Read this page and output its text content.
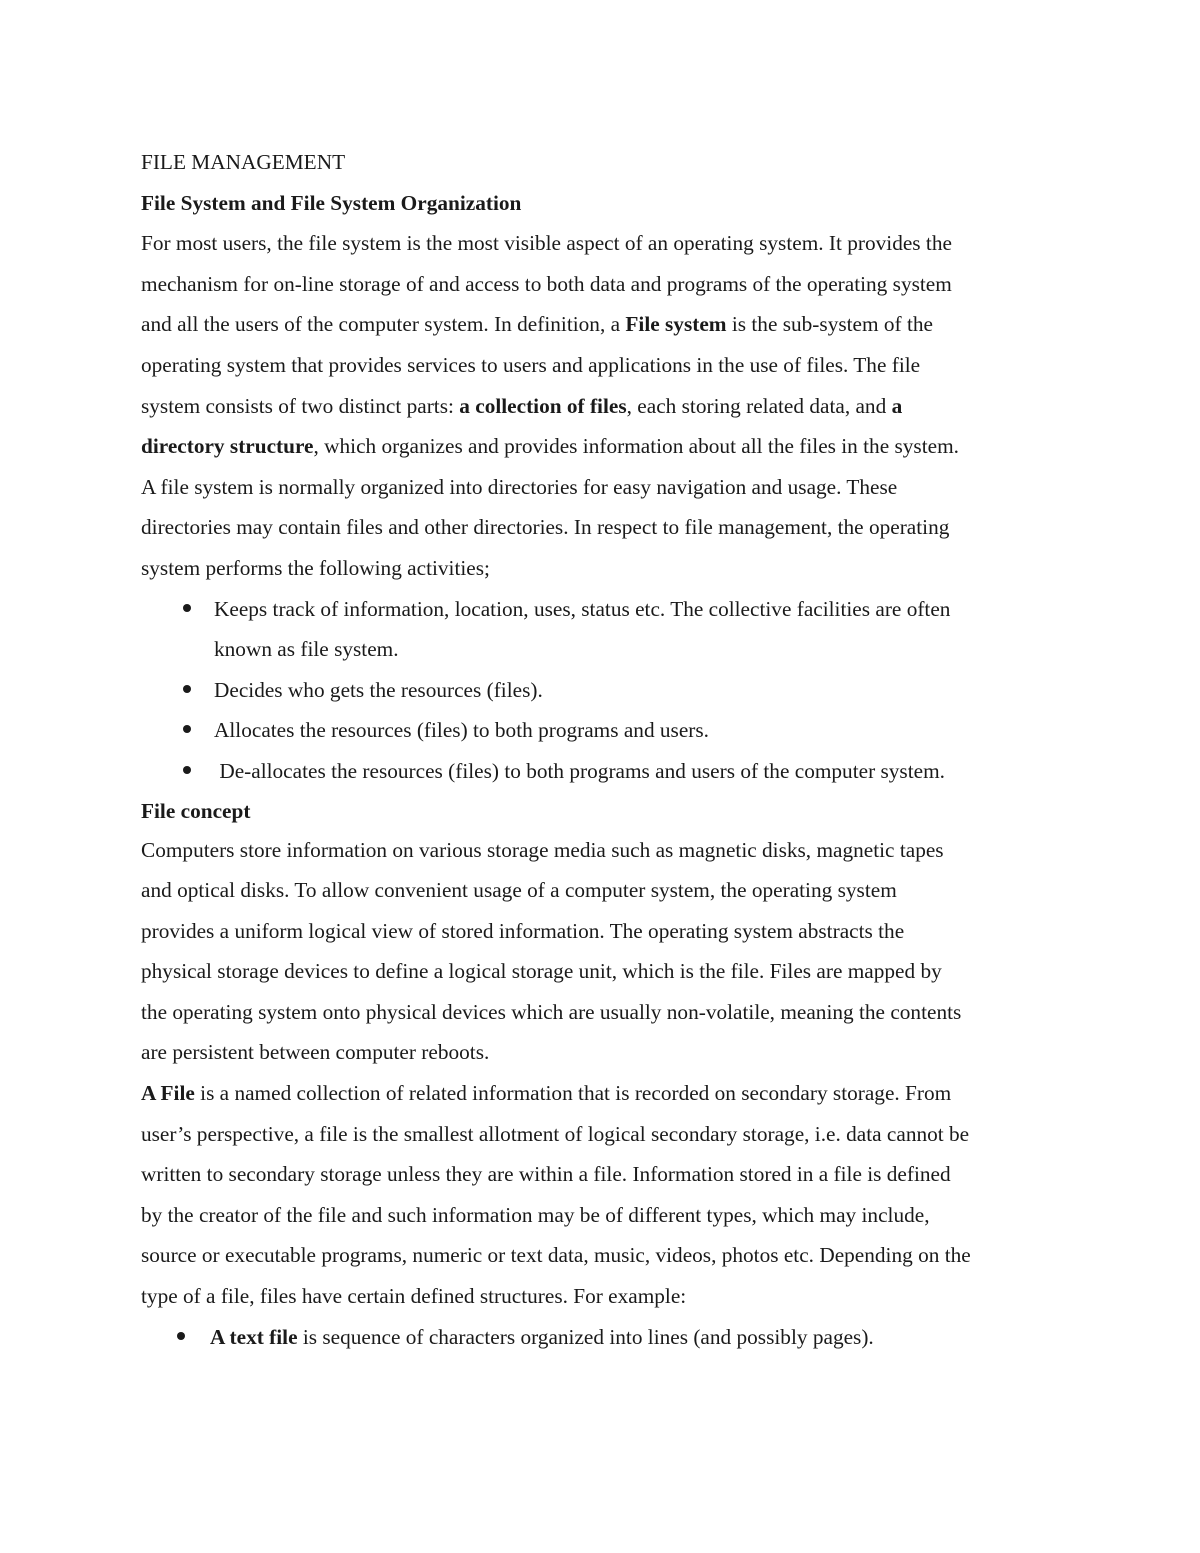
FILE MANAGEMENT
File System and File System Organization
For most users, the file system is the most visible aspect of an operating system. It provides the
mechanism for on-line storage of and access to both data and programs of the operating system
and all the users of the computer system. In definition, a File system is the sub-system of the
operating system that provides services to users and applications in the use of files. The file
system consists of two distinct parts: a collection of files, each storing related data, and a
directory structure, which organizes and provides information about all the files in the system.
A file system is normally organized into directories for easy navigation and usage. These
directories may contain files and other directories. In respect to file management, the operating
system performs the following activities;
Keeps track of information, location, uses, status etc. The collective facilities are often
known as file system.
Decides who gets the resources (files).
Allocates the resources (files) to both programs and users.
De-allocates the resources (files) to both programs and users of the computer system.
File concept
Computers store information on various storage media such as magnetic disks, magnetic tapes
and optical disks. To allow convenient usage of a computer system, the operating system
provides a uniform logical view of stored information. The operating system abstracts the
physical storage devices to define a logical storage unit, which is the file. Files are mapped by
the operating system onto physical devices which are usually non-volatile, meaning the contents
are persistent between computer reboots.
A File is a named collection of related information that is recorded on secondary storage. From
user’s perspective, a file is the smallest allotment of logical secondary storage, i.e. data cannot be
written to secondary storage unless they are within a file. Information stored in a file is defined
by the creator of the file and such information may be of different types, which may include,
source or executable programs, numeric or text data, music, videos, photos etc. Depending on the
type of a file, files have certain defined structures. For example:
A text file is sequence of characters organized into lines (and possibly pages).
